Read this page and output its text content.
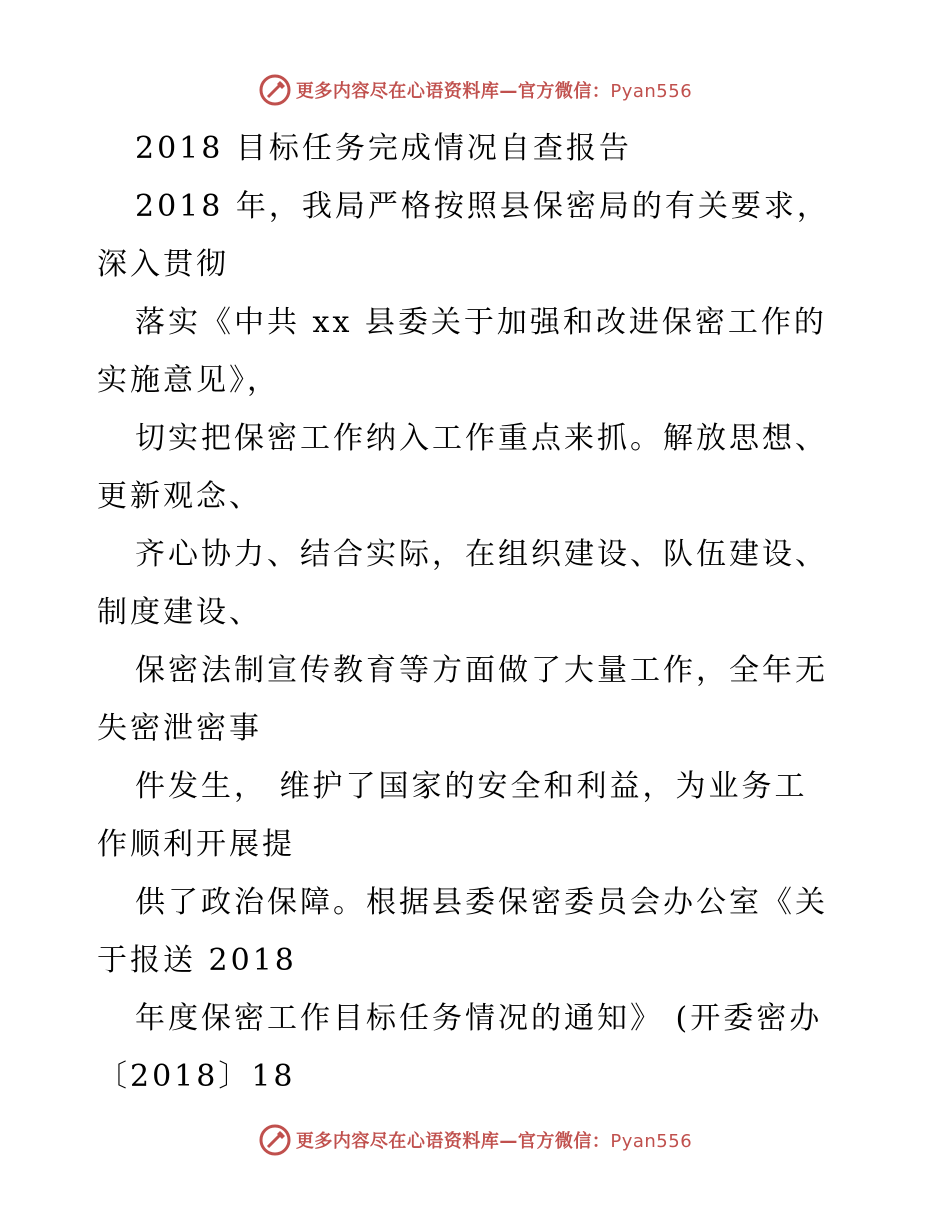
更多内容尽在心语资料库—官方微信：Pyan556
2018 目标任务完成情况自查报告
2018 年，我局严格按照县保密局的有关要求，
深入贯彻
落实《中共 xx 县委关于加强和改进保密工作的
实施意见》，
切实把保密工作纳入工作重点来抓。解放思想、
更新观念、
齐心协力、结合实际，在组织建设、队伍建设、
制度建设、
保密法制宣传教育等方面做了大量工作，全年无
失密泄密事
件发生， 维护了国家的安全和利益，为业务工
作顺利开展提
供了政治保障。根据县委保密委员会办公室《关
于报送 2018
年度保密工作目标任务情况的通知》 (开委密办
〔2018〕18
更多内容尽在心语资料库—官方微信：Pyan556
